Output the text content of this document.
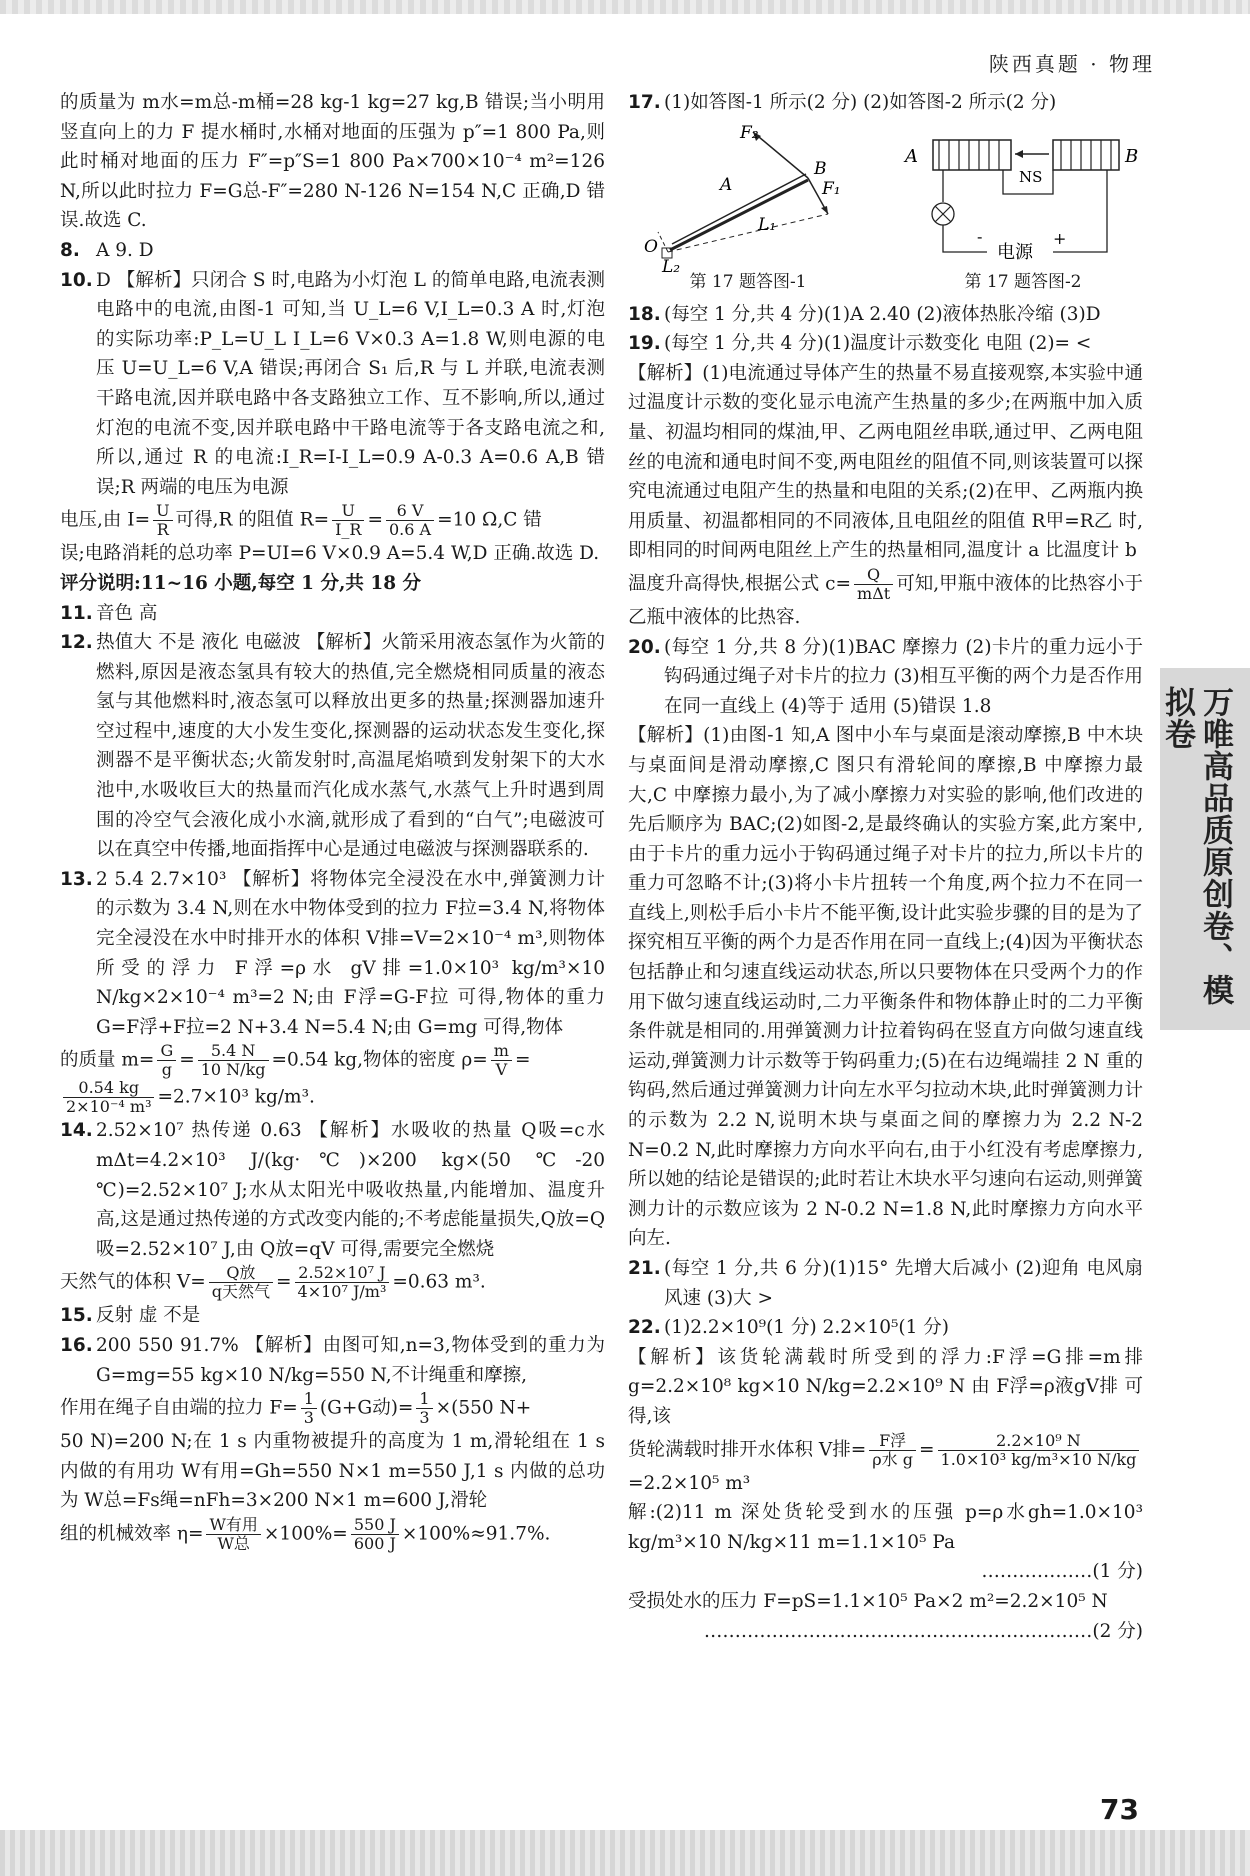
陕西真题 · 物理

的质量为 m水=m总-m桶=28 kg-1 kg=27 kg,B 错误;当小明用竖直向上的力 F 提水桶时,水桶对地面的压强为 p″=1 800 Pa,则此时桶对地面的压力 F″=p″S=1 800 Pa×700×10⁻⁴ m²=126 N,所以此时拉力 F=G总-F″=280 N-126 N=154 N,C 正确,D 错误.故选 C.

8. A 9. D

10. D 【解析】只闭合 S 时,电路为小灯泡 L 的简单电路,电流表测电路中的电流,由图-1 可知,当 U_L=6 V,I_L=0.3 A 时,灯泡的实际功率:P_L=U_L I_L=6 V×0.3 A=1.8 W,则电源的电压 U=U_L=6 V,A 错误;再闭合 S₁ 后,R 与 L 并联,电流表测干路电流,因并联电路中各支路独立工作、互不影响,所以,通过灯泡的电流不变,因并联电路中干路电流等于各支路电流之和,所以,通过 R 的电流:I_R=I-I_L=0.9 A-0.3 A=0.6 A,B 错误;R 两端的电压为电源

电压,由 $I= \frac{U}{R}$ 可得,R 的阻值 $R= \frac{U}{I\_R} = \frac{6 V}{0.6 A} =10$ Ω,C 错

误;电路消耗的总功率 P=UI=6 V×0.9 A=5.4 W,D 正确.故选 D.

评分说明:11~16 小题,每空 1 分,共 18 分

11. 音色 高

12. 热值大 不是 液化 电磁波 【解析】火箭采用液态氢作为火箭的燃料,原因是液态氢具有较大的热值,完全燃烧相同质量的液态氢与其他燃料时,液态氢可以释放出更多的热量;探测器加速升空过程中,速度的大小发生变化,探测器的运动状态发生变化,探测器不是平衡状态;火箭发射时,高温尾焰喷到发射架下的大水池中,水吸收巨大的热量而汽化成水蒸气,水蒸气上升时遇到周围的冷空气会液化成小水滴,就形成了看到的“白气”;电磁波可以在真空中传播,地面指挥中心是通过电磁波与探测器联系的.

13. 2 5.4 2.7×10³ 【解析】将物体完全浸没在水中,弹簧测力计的示数为 3.4 N,则在水中物体受到的拉力 F拉=3.4 N,将物体完全浸没在水中时排开水的体积 V排=V=2×10⁻⁴ m³,则物体所受的浮力 F浮=ρ水 gV排=1.0×10³ kg/m³×10 N/kg×2×10⁻⁴ m³=2 N;由 F浮=G-F拉 可得,物体的重力 G=F浮+F拉=2 N+3.4 N=5.4 N;由 G=mg 可得,物体

的质量 $m= \frac{G}{g} = \frac{5.4 N}{10 N/kg} =0.54$ kg,物体的密度 $\rho= \frac{m}{V}$ =

$\frac{0.54 kg}{\text{2×10⁻⁴ m³}} =2.7\times 10^3$ kg/m³.

14. 2.52×10⁷ 热传递 0.63 【解析】水吸收的热量 Q吸=c水 mΔt=4.2×10³ J/(kg·℃)×200 kg×(50 ℃-20 ℃)=2.52×10⁷ J;水从太阳光中吸收热量,内能增加、温度升高,这是通过热传递的方式改变内能的;不考虑能量损失,Q放=Q吸=2.52×10⁷ J,由 Q放=qV 可得,需要完全燃烧

天然气的体积 $V= \frac{\text{Q放}}{\text{q天然气}} = \frac{\text{2.52×10⁷ J}}{\text{4×10⁷ J/m³}} =0.63$ m³.

15. 反射 虚 不是

16. 200 550 91.7% 【解析】由图可知,n=3,物体受到的重力为 G=mg=55 kg×10 N/kg=550 N,不计绳重和摩擦,

作用在绳子自由端的拉力 $F= \frac{1}{3} (G+G$动)= $\frac{1}{3} \times(550$ N+

50 N)=200 N;在 1 s 内重物被提升的高度为 1 m,滑轮组在 1 s 内做的有用功 W有用=Gh=550 N×1 m=550 J,1 s 内做的总功为 W总=Fs绳=nFh=3×200 N×1 m=600 J,滑轮

组的机械效率 $\eta= \frac{\text{W有用}}{\text{W总}} \times 100\%= \frac{550 J}{600 J} \times 100\%\approx 91.7\%$.

17. (1)如答图-1 所示(2 分) (2)如答图-2 所示(2 分)

F₂
A
B
F₁
O
L₁
L₂
第 17 题答图-1
A	B
NS
-
电源
+
第 17 题答图-2

18. (每空 1 分,共 4 分)(1)A 2.40 (2)液体热胀冷缩 (3)D

19. (每空 1 分,共 4 分)(1)温度计示数变化 电阻 (2)= <

【解析】(1)电流通过导体产生的热量不易直接观察,本实验中通过温度计示数的变化显示电流产生热量的多少;在两瓶中加入质量、初温均相同的煤油,甲、乙两电阻丝串联,通过甲、乙两电阻丝的电流和通电时间不变,两电阻丝的阻值不同,则该装置可以探究电流通过电阻产生的热量和电阻的关系;(2)在甲、乙两瓶内换用质量、初温都相同的不同液体,且电阻丝的阻值 R甲=R乙 时,即相同的时间两电阻丝上产生的热量相同,温度计 a 比温度计 b

温度升高得快,根据公式 $c= \frac{Q}{\text{mΔt}}$ 可知,甲瓶中液体的比热容小于乙瓶中液体的比热容.

20. (每空 1 分,共 8 分)(1)BAC 摩擦力 (2)卡片的重力远小于钩码通过绳子对卡片的拉力 (3)相互平衡的两个力是否作用在同一直线上 (4)等于 适用 (5)错误 1.8

【解析】(1)由图-1 知,A 图中小车与桌面是滚动摩擦,B 中木块与桌面间是滑动摩擦,C 图只有滑轮间的摩擦,B 中摩擦力最大,C 中摩擦力最小,为了减小摩擦力对实验的影响,他们改进的先后顺序为 BAC;(2)如图-2,是最终确认的实验方案,此方案中,由于卡片的重力远小于钩码通过绳子对卡片的拉力,所以卡片的重力可忽略不计;(3)将小卡片扭转一个角度,两个拉力不在同一直线上,则松手后小卡片不能平衡,设计此实验步骤的目的是为了探究相互平衡的两个力是否作用在同一直线上;(4)因为平衡状态包括静止和匀速直线运动状态,所以只要物体在只受两个力的作用下做匀速直线运动时,二力平衡条件和物体静止时的二力平衡条件就是相同的.用弹簧测力计拉着钩码在竖直方向做匀速直线运动,弹簧测力计示数等于钩码重力;(5)在右边绳端挂 2 N 重的钩码,然后通过弹簧测力计向左水平匀拉动木块,此时弹簧测力计的示数为 2.2 N,说明木块与桌面之间的摩擦力为 2.2 N-2 N=0.2 N,此时摩擦力方向水平向右,由于小红没有考虑摩擦力,所以她的结论是错误的;此时若让木块水平匀速向右运动,则弹簧测力计的示数应该为 2 N-0.2 N=1.8 N,此时摩擦力方向水平向左.

21. (每空 1 分,共 6 分)(1)15° 先增大后减小 (2)迎角 电风扇风速 (3)大 >

22. (1)2.2×10⁹(1 分) 2.2×10⁵(1 分)

【解析】该货轮满载时所受到的浮力:F浮=G排=m排 g=2.2×10⁸ kg×10 N/kg=2.2×10⁹ N 由 F浮=ρ液gV排 可得,该

货轮满载时排开水体积 V排= $\frac{\text{F浮}}{\text{ρ水 g}} = \frac{\text{2.2×10⁹ N}}{\text{1.0×10³ kg/m³×10 N/kg}}$

=2.2×10⁵ m³

解:(2)11 m 深处货轮受到水的压强 p=ρ水gh=1.0×10³ kg/m³×10 N/kg×11 m=1.1×10⁵ Pa

………………(1 分)

受损处水的压力 F=pS=1.1×10⁵ Pa×2 m²=2.2×10⁵ N

………………………………………………………(2 分)

万唯高品质原创卷、模拟卷
73
